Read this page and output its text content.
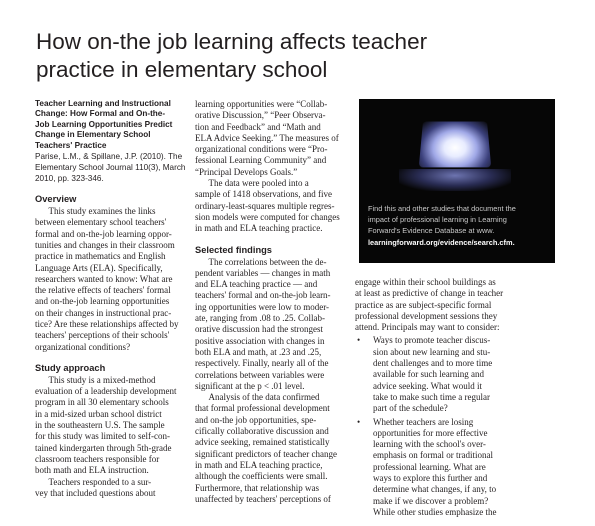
How on-the job learning affects teacher
practice in elementary school
Teacher Learning and Instructional
Change: How Formal and On-the-
Job Learning Opportunities Predict
Change in Elementary School
Teachers' Practice
Parise, L.M., & Spillane, J.P. (2010). The
Elementary School Journal 110(3), March
2010, pp. 323-346.
Overview
  This study examines the links
between elementary school teachers'
formal and on-the-job learning oppor-
tunities and changes in their classroom
practice in mathematics and English
Language Arts (ELA). Specifically,
researchers wanted to know: What are
the relative effects of teachers' formal
and on-the-job learning opportunities
on their changes in instructional prac-
tice? Are these relationships affected by
teachers' perceptions of their schools'
organizational conditions?
Study approach
  This study is a mixed-method
evaluation of a leadership development
program in all 30 elementary schools
in a mid-sized urban school district
in the southeastern U.S. The sample
for this study was limited to self-con-
tained kindergarten through 5th-grade
classroom teachers responsible for
both math and ELA instruction.
  Teachers responded to a sur-
vey that included questions about
learning opportunities were “Collab-
orative Discussion,” “Peer Observa-
tion and Feedback” and “Math and
ELA Advice Seeking.” The measures of
organizational conditions were “Pro-
fessional Learning Community” and
“Principal Develops Goals.”
  The data were pooled into a
sample of 1418 observations, and five
ordinary-least-squares multiple regres-
sion models were computed for changes
in math and ELA teaching practice.
Selected findings
  The correlations between the de-
pendent variables — changes in math
and ELA teaching practice — and
teachers' formal and on-the-job learn-
ing opportunities were low to moder-
ate, ranging from .08 to .25. Collab-
orative discussion had the strongest
positive association with changes in
both ELA and math, at .23 and .25,
respectively. Finally, nearly all of the
correlations between variables were
significant at the p < .01 level.
  Analysis of the data confirmed
that formal professional development
and on-the job opportunities, spe-
cifically collaborative discussion and
advice seeking, remained statistically
significant predictors of teacher change
in math and ELA teaching practice,
although the coefficients were small.
Furthermore, that relationship was
unaffected by teachers' perceptions of
Find this and other studies that document the
impact of professional learning in Learning
Forward's Evidence Database at www.
learningforward.org/evidence/search.cfm.
engage within their school buildings as
at least as predictive of change in teacher
practice as are subject-specific formal
professional development sessions they
attend. Principals may want to consider:
• Ways to promote teacher discus-
sion about new learning and stu-
dent challenges and to more time
available for such learning and
advice seeking. What would it
take to make such time a regular
part of the schedule?
• Whether teachers are losing
opportunities for more effective
learning with the school's over-
emphasis on formal or traditional
professional learning. What are
ways to explore this further and
determine what changes, if any, to
make if we discover a problem?
While other studies emphasize the
